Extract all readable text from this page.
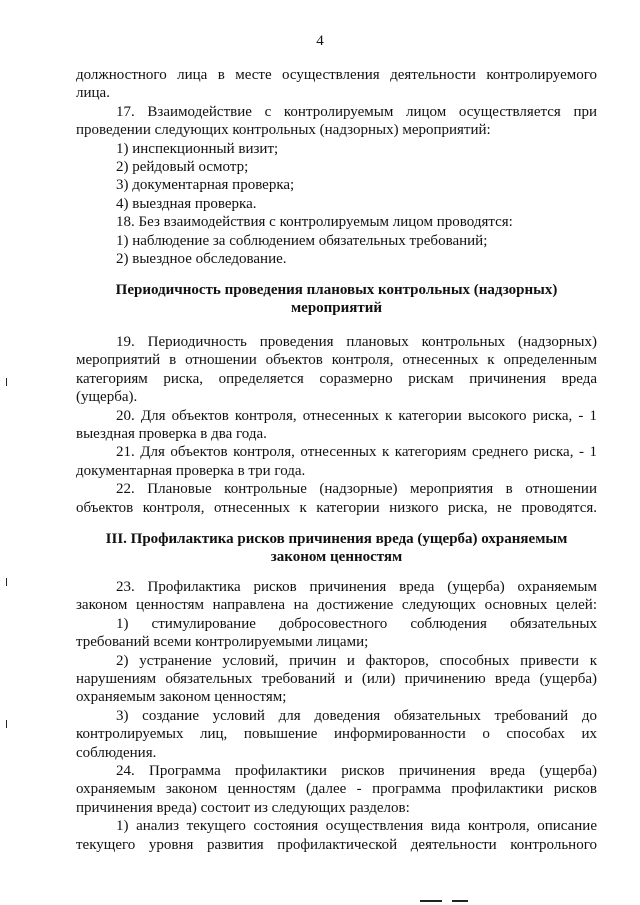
4
должностного лица в месте осуществления деятельности контролируемого
лица.
17. Взаимодействие с контролируемым лицом осуществляется при
проведении следующих контрольных (надзорных) мероприятий:
1) инспекционный визит;
2) рейдовый осмотр;
3) документарная проверка;
4) выездная проверка.
18. Без взаимодействия с контролируемым лицом проводятся:
1) наблюдение за соблюдением обязательных требований;
2) выездное обследование.
Периодичность проведения плановых контрольных (надзорных)
мероприятий
19. Периодичность проведения плановых контрольных (надзорных)
мероприятий в отношении объектов контроля, отнесенных к определенным
категориям риска, определяется соразмерно рискам причинения вреда
(ущерба).
20. Для объектов контроля, отнесенных к категории высокого риска, - 1
выездная проверка в два года.
21. Для объектов контроля, отнесенных к категориям среднего риска, - 1
документарная проверка в три года.
22. Плановые контрольные (надзорные) мероприятия в отношении
объектов контроля, отнесенных к категории низкого риска, не проводятся.
III. Профилактика рисков причинения вреда (ущерба) охраняемым
законом ценностям
23. Профилактика рисков причинения вреда (ущерба) охраняемым
законом ценностям направлена на достижение следующих основных целей:
1) стимулирование добросовестного соблюдения обязательных
требований всеми контролируемыми лицами;
2) устранение условий, причин и факторов, способных привести к
нарушениям обязательных требований и (или) причинению вреда (ущерба)
охраняемым законом ценностям;
3) создание условий для доведения обязательных требований до
контролируемых лиц, повышение информированности о способах их
соблюдения.
24. Программа профилактики рисков причинения вреда (ущерба)
охраняемым законом ценностям (далее - программа профилактики рисков
причинения вреда) состоит из следующих разделов:
1) анализ текущего состояния осуществления вида контроля, описание
текущего уровня развития профилактической деятельности контрольного
